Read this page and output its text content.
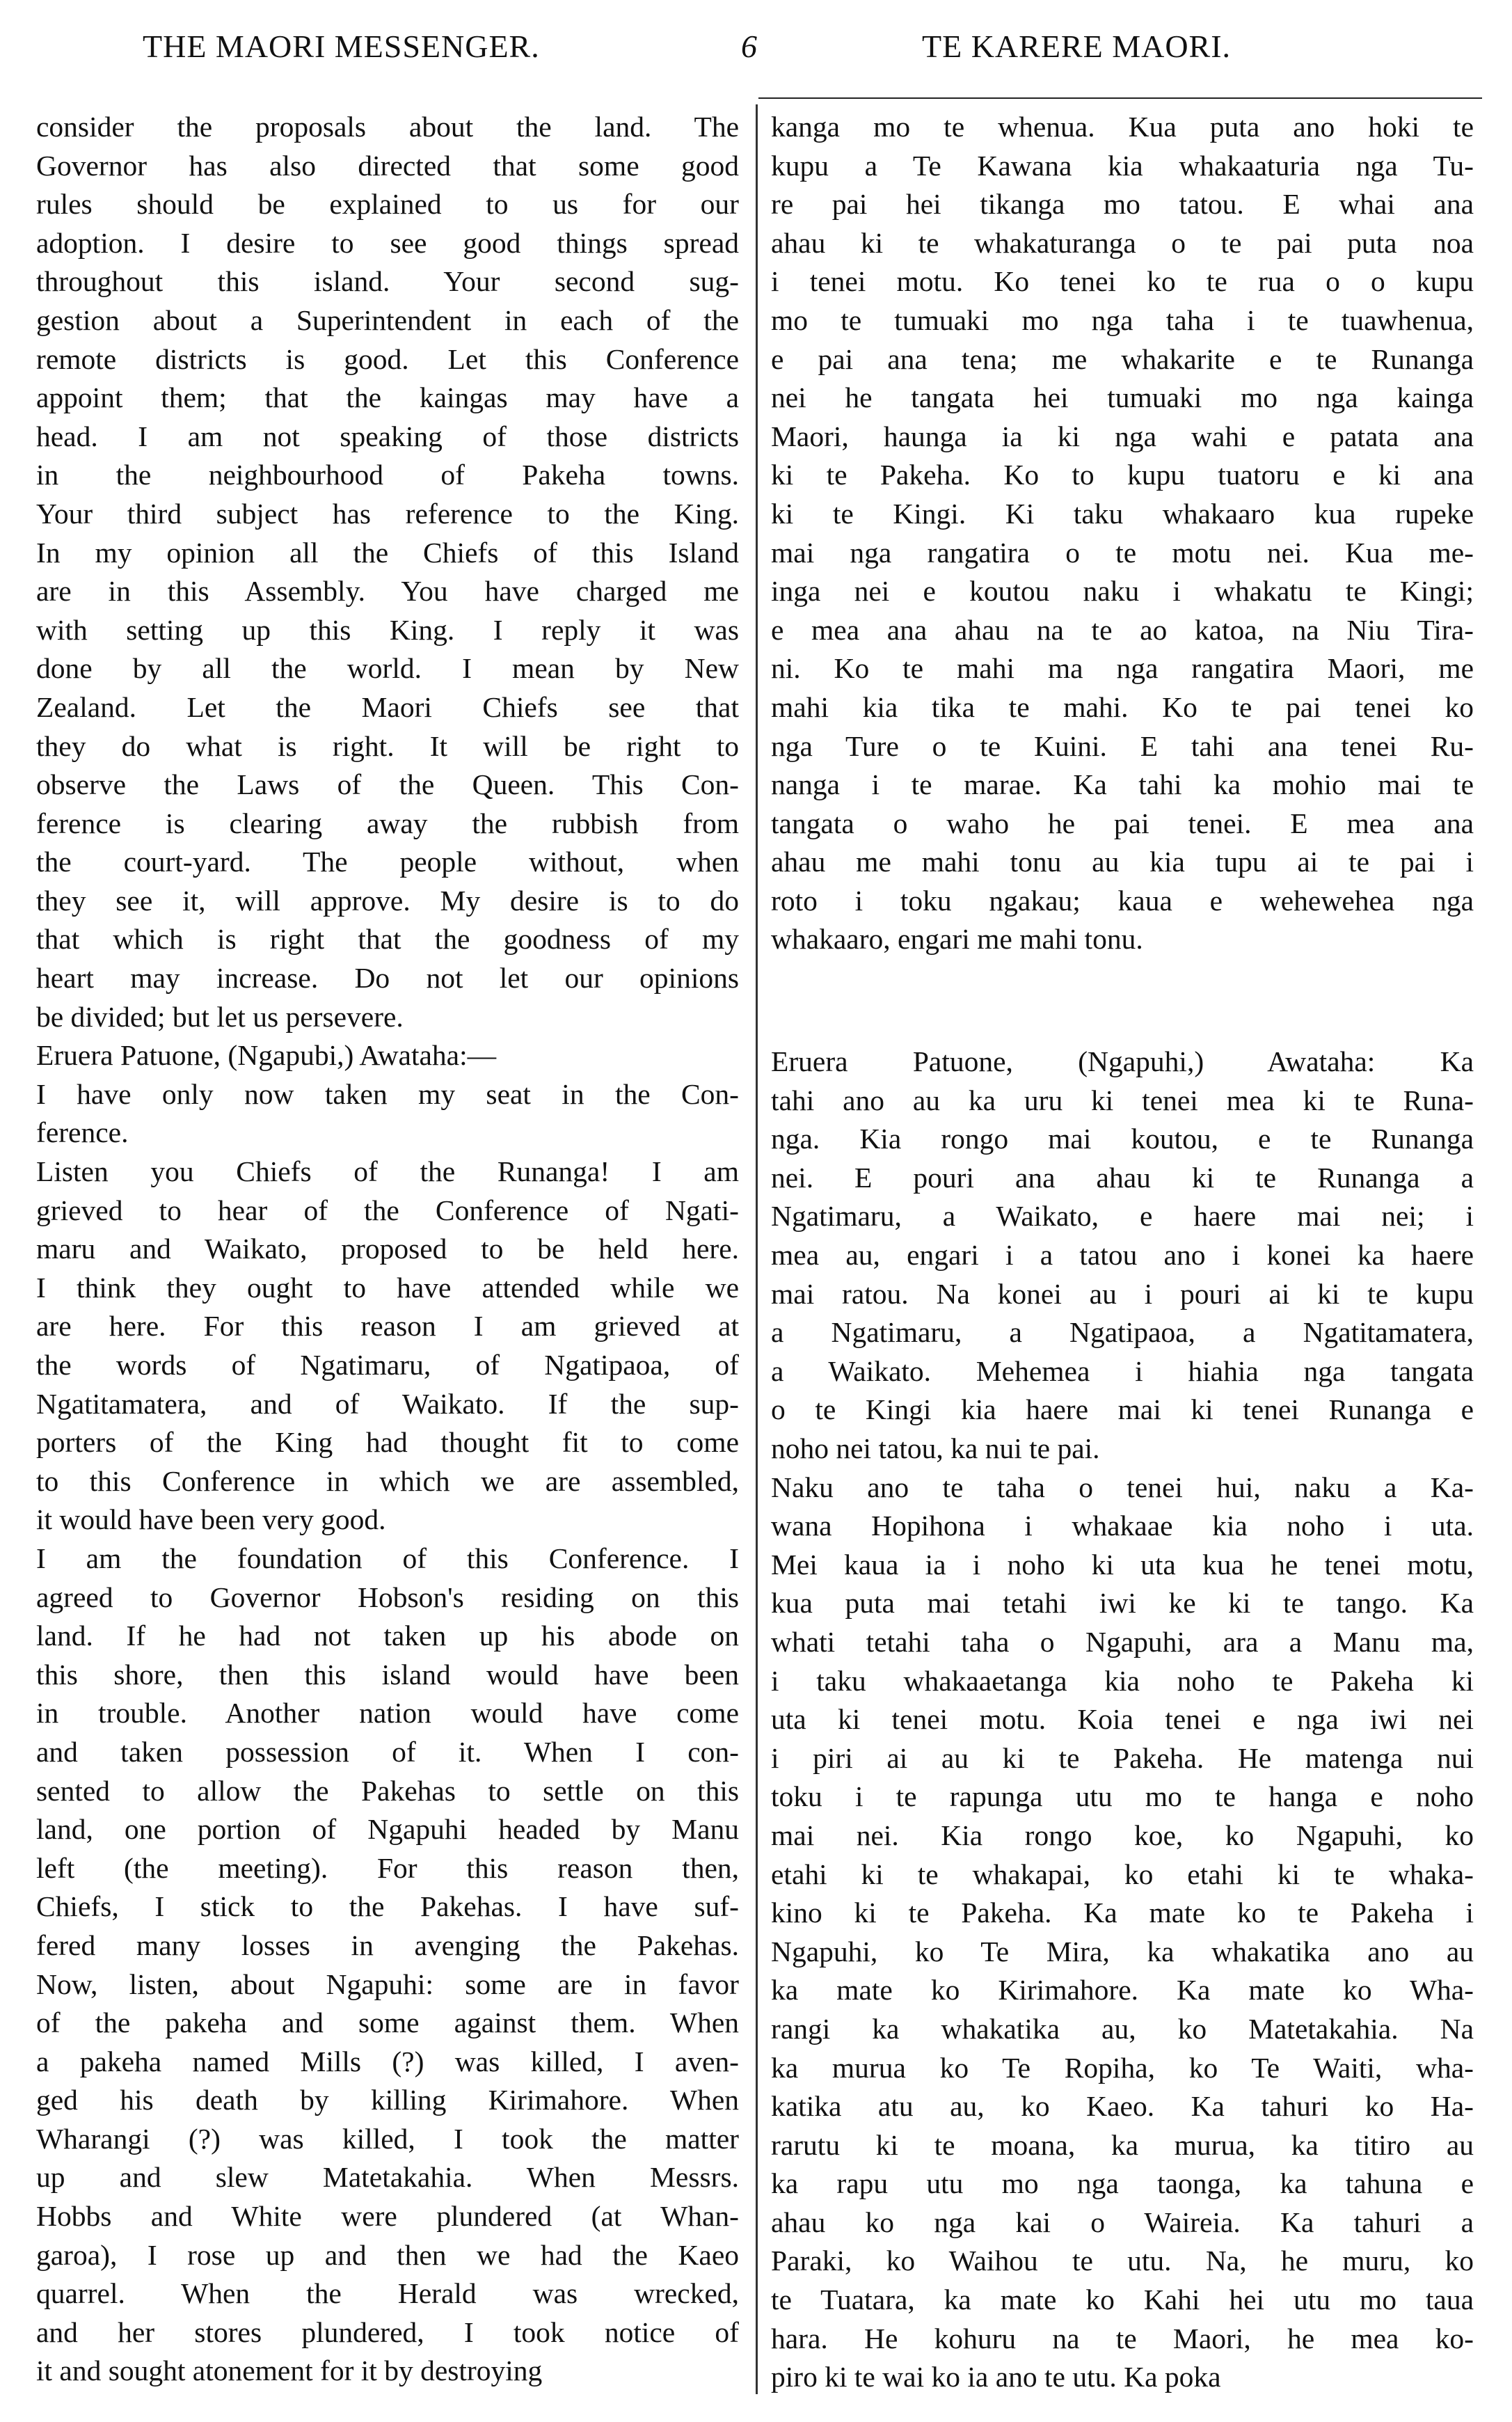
THE MAORI MESSENGER.	6	TE KARERE MAORI.
consider the proposals about the land. The
Governor has also directed that some good
rules should be explained to us for our
adoption. I desire to see good things spread
throughout this island. Your second sug-
gestion about a Superintendent in each of the
remote districts is good. Let this Conference
appoint them; that the kaingas may have a
head. I am not speaking of those districts
in the neighbourhood of Pakeha towns.
Your third subject has reference to the King.
In my opinion all the Chiefs of this Island
are in this Assembly. You have charged me
with setting up this King. I reply it was
done by all the world. I mean by New
Zealand. Let the Maori Chiefs see that
they do what is right. It will be right to
observe the Laws of the Queen. This Con-
ference is clearing away the rubbish from
the court-yard. The people without, when
they see it, will approve. My desire is to do
that which is right that the goodness of my
heart may increase. Do not let our opinions
be divided; but let us persevere.
Eruera Patuone, (Ngapubi,) Awataha:—
I have only now taken my seat in the Con-
ference.
Listen you Chiefs of the Runanga! I am
grieved to hear of the Conference of Ngati-
maru and Waikato, proposed to be held here.
I think they ought to have attended while we
are here. For this reason I am grieved at
the words of Ngatimaru, of Ngatipaoa, of
Ngatitamatera, and of Waikato. If the sup-
porters of the King had thought fit to come
to this Conference in which we are assembled,
it would have been very good.
I am the foundation of this Conference. I
agreed to Governor Hobson's residing on this
land. If he had not taken up his abode on
this shore, then this island would have been
in trouble. Another nation would have come
and taken possession of it. When I con-
sented to allow the Pakehas to settle on this
land, one portion of Ngapuhi headed by Manu
left (the meeting). For this reason then,
Chiefs, I stick to the Pakehas. I have suf-
fered many losses in avenging the Pakehas.
Now, listen, about Ngapuhi: some are in favor
of the pakeha and some against them. When
a pakeha named Mills (?) was killed, I aven-
ged his death by killing Kirimahore. When
Wharangi (?) was killed, I took the matter
up and slew Matetakahia. When Messrs.
Hobbs and White were plundered (at Whan-
garoa), I rose up and then we had the Kaeo
quarrel. When the Herald was wrecked,
and her stores plundered, I took notice of
it and sought atonement for it by destroying
kanga mo te whenua. Kua puta ano hoki te
kupu a Te Kawana kia whakaaturia nga Tu-
re pai hei tikanga mo tatou. E whai ana
ahau ki te whakaturanga o te pai puta noa
i tenei motu. Ko tenei ko te rua o o kupu
mo te tumuaki mo nga taha i te tuawhenua,
e pai ana tena; me whakarite e te Runanga
nei he tangata hei tumuaki mo nga kainga
Maori, haunga ia ki nga wahi e patata ana
ki te Pakeha. Ko to kupu tuatoru e ki ana
ki te Kingi. Ki taku whakaaro kua rupeke
mai nga rangatira o te motu nei. Kua me-
inga nei e koutou naku i whakatu te Kingi;
e mea ana ahau na te ao katoa, na Niu Tira-
ni. Ko te mahi ma nga rangatira Maori, me
mahi kia tika te mahi. Ko te pai tenei ko
nga Ture o te Kuini. E tahi ana tenei Ru-
nanga i te marae. Ka tahi ka mohio mai te
tangata o waho he pai tenei. E mea ana
ahau me mahi tonu au kia tupu ai te pai i
roto i toku ngakau; kaua e wehewehea nga
whakaaro, engari me mahi tonu.
Eruera Patuone, (Ngapuhi,) Awataha: Ka
tahi ano au ka uru ki tenei mea ki te Runa-
nga. Kia rongo mai koutou, e te Runanga
nei. E pouri ana ahau ki te Runanga a
Ngatimaru, a Waikato, e haere mai nei; i
mea au, engari i a tatou ano i konei ka haere
mai ratou. Na konei au i pouri ai ki te kupu
a Ngatimaru, a Ngatipaoa, a Ngatitamatera,
a Waikato. Mehemea i hiahia nga tangata
o te Kingi kia haere mai ki tenei Runanga e
noho nei tatou, ka nui te pai.
Naku ano te taha o tenei hui, naku a Ka-
wana Hopihona i whakaae kia noho i uta.
Mei kaua ia i noho ki uta kua he tenei motu,
kua puta mai tetahi iwi ke ki te tango. Ka
whati tetahi taha o Ngapuhi, ara a Manu ma,
i taku whakaaetanga kia noho te Pakeha ki
uta ki tenei motu. Koia tenei e nga iwi nei
i piri ai au ki te Pakeha. He matenga nui
toku i te rapunga utu mo te hanga e noho
mai nei. Kia rongo koe, ko Ngapuhi, ko
etahi ki te whakapai, ko etahi ki te whaka-
kino ki te Pakeha. Ka mate ko te Pakeha i
Ngapuhi, ko Te Mira, ka whakatika ano au
ka mate ko Kirimahore. Ka mate ko Wha-
rangi ka whakatika au, ko Matetakahia. Na
ka murua ko Te Ropiha, ko Te Waiti, wha-
katika atu au, ko Kaeo. Ka tahuri ko Ha-
rarutu ki te moana, ka murua, ka titiro au
ka rapu utu mo nga taonga, ka tahuna e
ahau ko nga kai o Waireia. Ka tahuri a
Paraki, ko Waihou te utu. Na, he muru, ko
te Tuatara, ka mate ko Kahi hei utu mo taua
hara. He kohuru na te Maori, he mea ko-
piro ki te wai ko ia ano te utu. Ka poka
